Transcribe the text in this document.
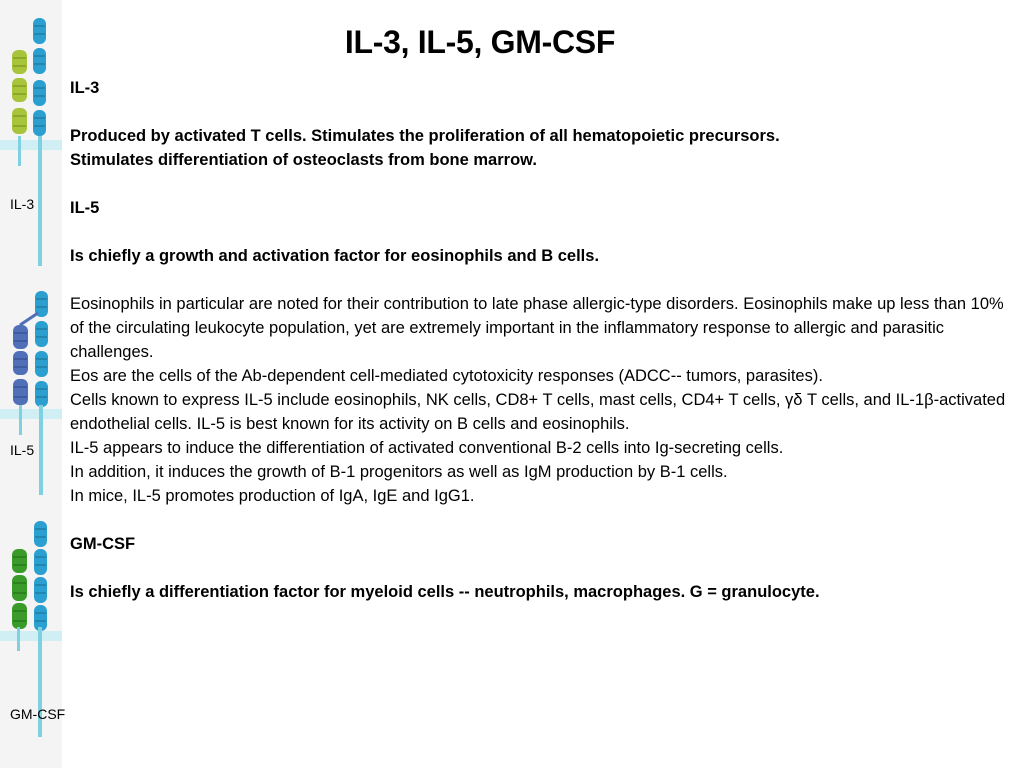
IL-3
IL-5
GM-CSF
IL-3, IL-5, GM-CSF

IL-3

Produced by activated T cells. Stimulates the proliferation of all hematopoietic precursors.

Stimulates differentiation of osteoclasts from bone marrow.

IL-5

Is chiefly a growth and activation factor for eosinophils and B cells.

Eosinophils in particular are noted for their contribution to late phase allergic-type disorders. Eosinophils make up less than 10% of the circulating leukocyte population, yet are extremely important in the inflammatory response to allergic and parasitic challenges.

Eos are the cells of the Ab-dependent cell-mediated cytotoxicity responses (ADCC-- tumors, parasites).

Cells known to express IL-5 include eosinophils, NK cells, CD8+ T cells, mast cells, CD4+ T cells, γδ T cells, and IL-1β-activated endothelial cells. IL-5 is best known for its activity on B cells and eosinophils.

IL-5 appears to induce the differentiation of activated conventional B-2 cells into Ig-secreting cells.

In addition, it induces the growth of B-1 progenitors as well as IgM production by B-1 cells.

In mice, IL-5 promotes production of IgA, IgE and IgG1.

GM-CSF

Is chiefly a differentiation factor for myeloid cells -- neutrophils, macrophages. G = granulocyte.
